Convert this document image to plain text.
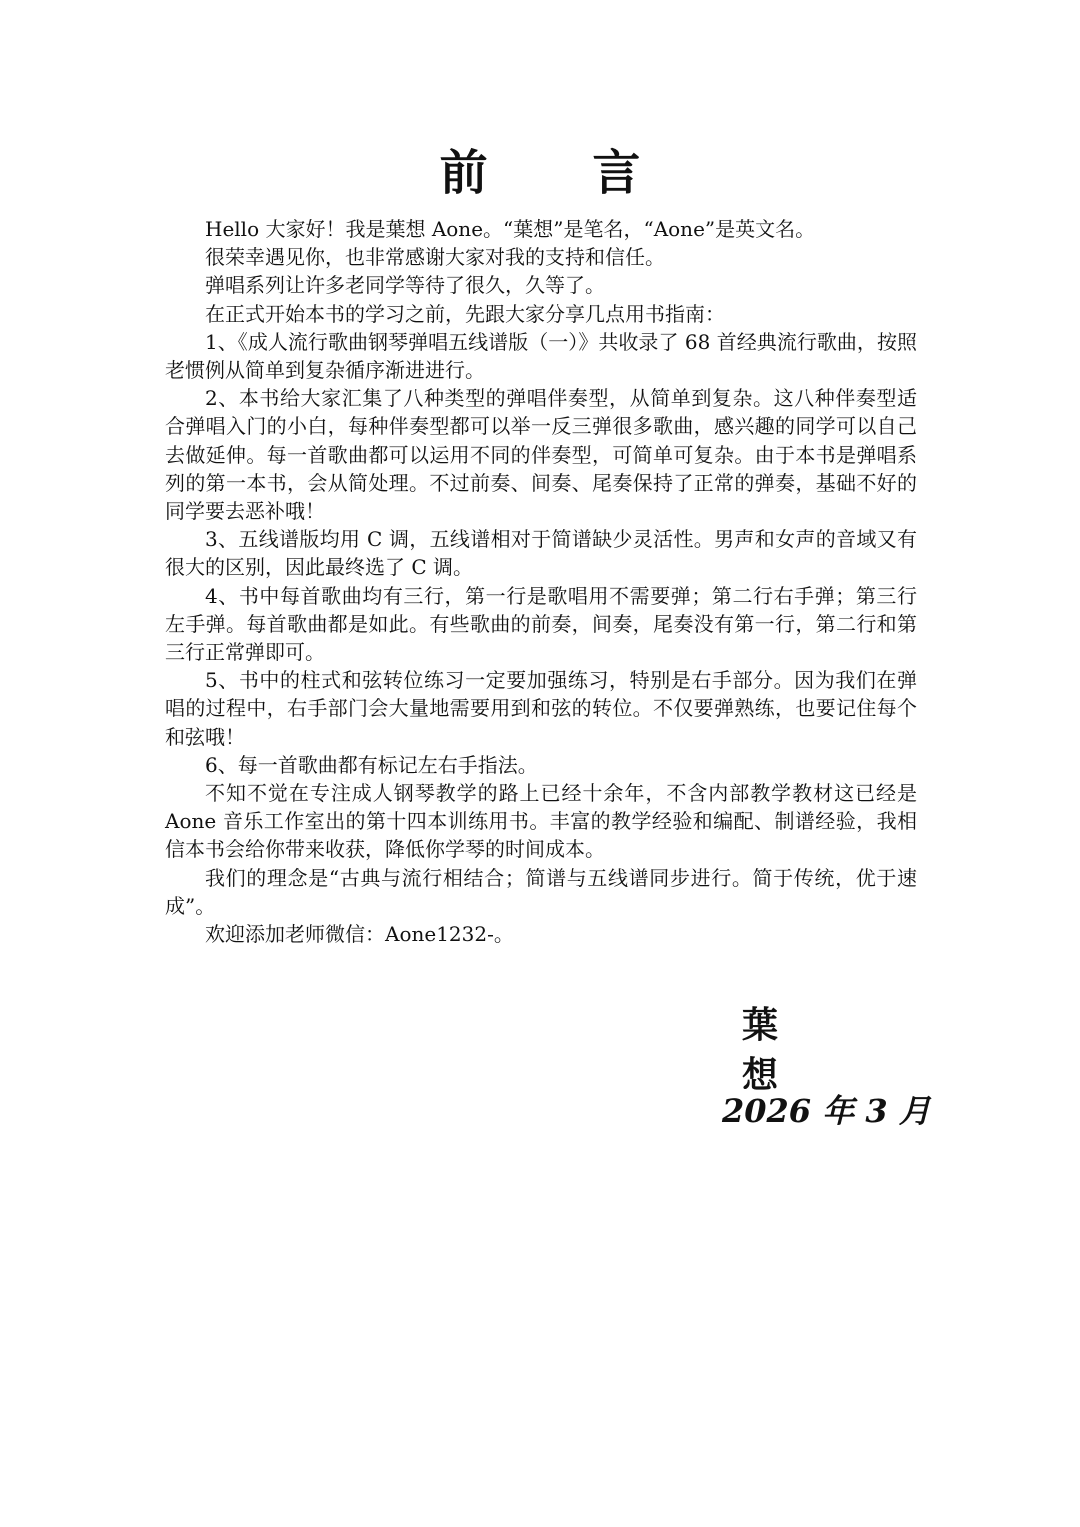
前 言

Hello 大家好！我是葉想 Aone。“葉想”是笔名，“Aone”是英文名。

很荣幸遇见你，也非常感谢大家对我的支持和信任。

弹唱系列让许多老同学等待了很久，久等了。

在正式开始本书的学习之前，先跟大家分享几点用书指南：

1、《成人流行歌曲钢琴弹唱五线谱版（一）》共收录了 68 首经典流行歌曲，按照老惯例从简单到复杂循序渐进进行。

2、本书给大家汇集了八种类型的弹唱伴奏型，从简单到复杂。这八种伴奏型适合弹唱入门的小白，每种伴奏型都可以举一反三弹很多歌曲，感兴趣的同学可以自己去做延伸。每一首歌曲都可以运用不同的伴奏型，可简单可复杂。由于本书是弹唱系列的第一本书，会从简处理。不过前奏、间奏、尾奏保持了正常的弹奏，基础不好的同学要去恶补哦！

3、五线谱版均用 C 调，五线谱相对于简谱缺少灵活性。男声和女声的音域又有很大的区别，因此最终选了 C 调。

4、书中每首歌曲均有三行，第一行是歌唱用不需要弹；第二行右手弹；第三行左手弹。每首歌曲都是如此。有些歌曲的前奏，间奏，尾奏没有第一行，第二行和第三行正常弹即可。

5、书中的柱式和弦转位练习一定要加强练习，特别是右手部分。因为我们在弹唱的过程中，右手部门会大量地需要用到和弦的转位。不仅要弹熟练，也要记住每个和弦哦！

6、每一首歌曲都有标记左右手指法。

不知不觉在专注成人钢琴教学的路上已经十余年，不含内部教学教材这已经是 Aone 音乐工作室出的第十四本训练用书。丰富的教学经验和编配、制谱经验，我相信本书会给你带来收获，降低你学琴的时间成本。

我们的理念是“古典与流行相结合；简谱与五线谱同步进行。简于传统，优于速成”。

欢迎添加老师微信：Aone1232-。

葉 想
2026 年 3 月
